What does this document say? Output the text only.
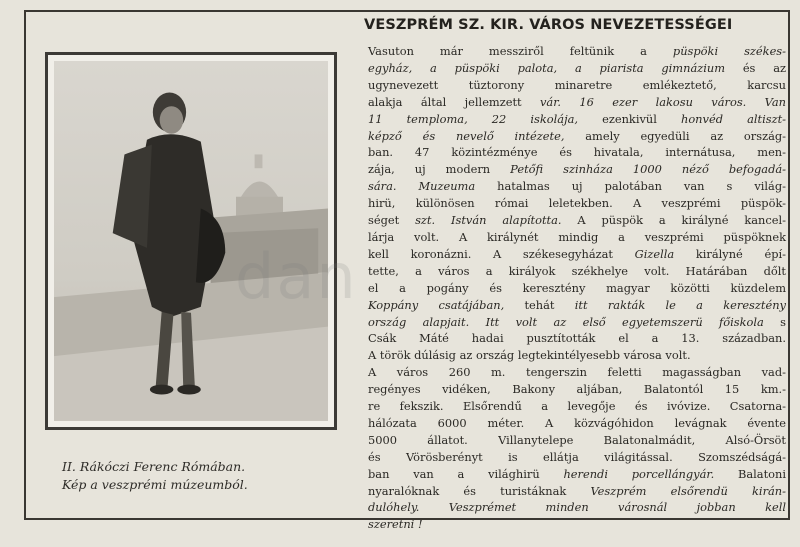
II. Rákóczi Ferenc Rómában.
Kép a veszprémi múzeumból.
VESZPRÉM SZ. KIR. VÁROS NEVEZETESSÉGEI
Vasuton már messziről feltünik a püspöki székes-
egyház, a püspöki palota, a piarista gimnázium és az
ugynevezett tüztorony minaretre emlékeztető, karcsu
alakja által jellemzett vár. 16 ezer lakosu város. Van
11 temploma, 22 iskolája, ezenkivül honvéd altiszt-
képző és nevelő intézete, amely egyedüli az ország-
ban. 47 közintézménye és hivatala, internátusa, men-
zája, uj modern Petőfi szinháza 1000 néző befogadá-
sára. Muzeuma hatalmas uj palotában van s világ-
hirü, különösen római leletekben. A veszprémi püspök-
séget szt. István alapította. A püspök a királyné kancel-
lárja volt. A királynét mindig a veszprémi püspöknek
kell koronázni. A székesegyházat Gizella királyné épí-
tette, a város a királyok székhelye volt. Határában dőlt
el a pogány és keresztény magyar közötti küzdelem
Koppány csatájában, tehát itt rakták le a keresztény
ország alapjait. Itt volt az első egyetemszerü főiskola s
Csák Máté hadai pusztították el a 13. században.
A török dúlásig az ország legtekintélyesebb városa volt.
A város 260 m. tengerszin feletti magasságban vad-
regényes vidéken, Bakony aljában, Balatontól 15 km.-
re fekszik. Elsőrendű a levegője és ivóvize. Csatorna-
hálózata 6000 méter. A közvágóhidon levágnak évente
5000 állatot. Villanytelepe Balatonalmádit, Alsó-Örsöt
és Vörösberényt is ellátja világitással. Szomszédságá-
ban van a világhirü herendi porcellángyár. Balatoni
nyaralóknak és turistáknak Veszprém elsőrendü kirán-
dulóhely. Veszprémet minden városnál jobban kell
szeretni !
